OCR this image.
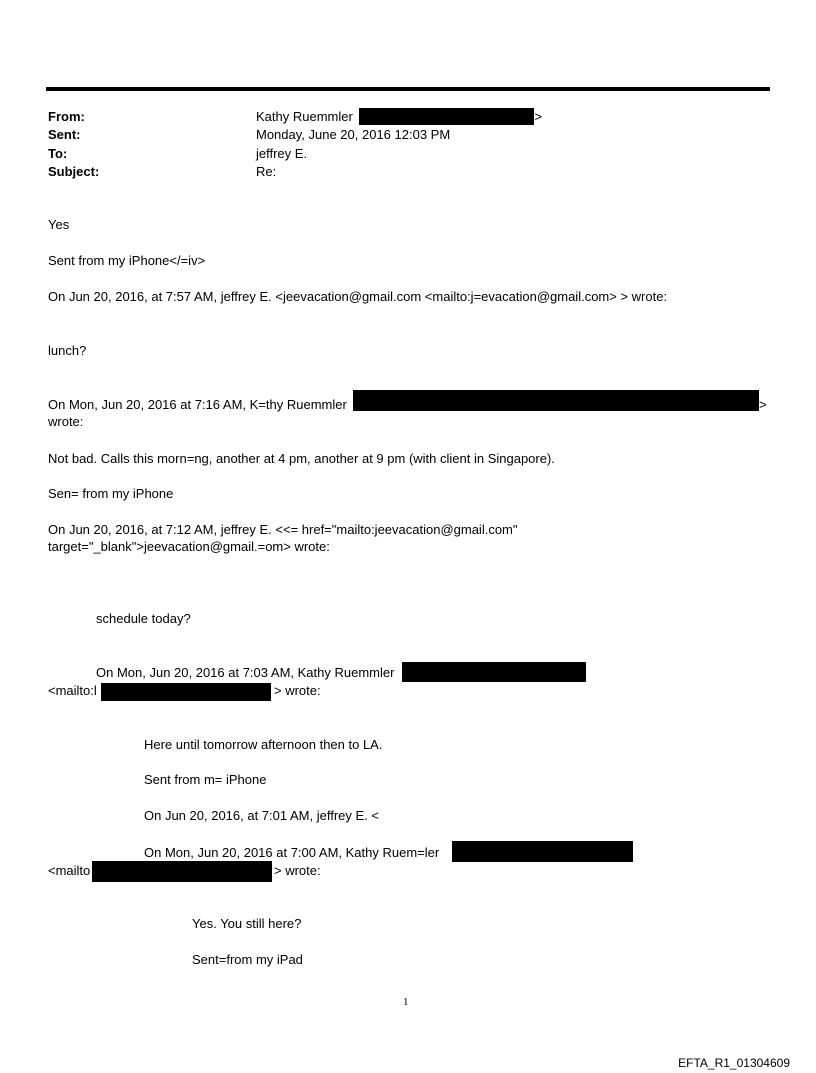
From:	Kathy Ruemmler	>
Sent:	Monday, June 20, 2016 12:03 PM
To:	jeffrey E.
Subject:	Re:
Yes
Sent from my iPhone</=iv>
On Jun 20, 2016, at 7:57 AM, jeffrey E. <jeevacation@gmail.com <mailto:j=evacation@gmail.com> > wrote:
lunch?
On Mon, Jun 20, 2016 at 7:16 AM, K=thy Ruemmler	>
wrote:
Not bad. Calls this morn=ng, another at 4 pm, another at 9 pm (with client in Singapore).
Sen= from my iPhone
On Jun 20, 2016, at 7:12 AM, jeffrey E. <<= href="mailto:jeevacation@gmail.com"
target="_blank">jeevacation@gmail.=om> wrote:
schedule today?
On Mon, Jun 20, 2016 at 7:03 AM, Kathy Ruemmler
<mailto:l	> wrote:
Here until tomorrow afternoon then to LA.
Sent from m= iPhone
On Jun 20, 2016, at 7:01 AM, jeffrey E. <
On Mon, Jun 20, 2016 at 7:00 AM, Kathy Ruem=ler
<mailto	> wrote:
Yes. You still here?
Sent=from my iPad
1
EFTA_R1_01304609
